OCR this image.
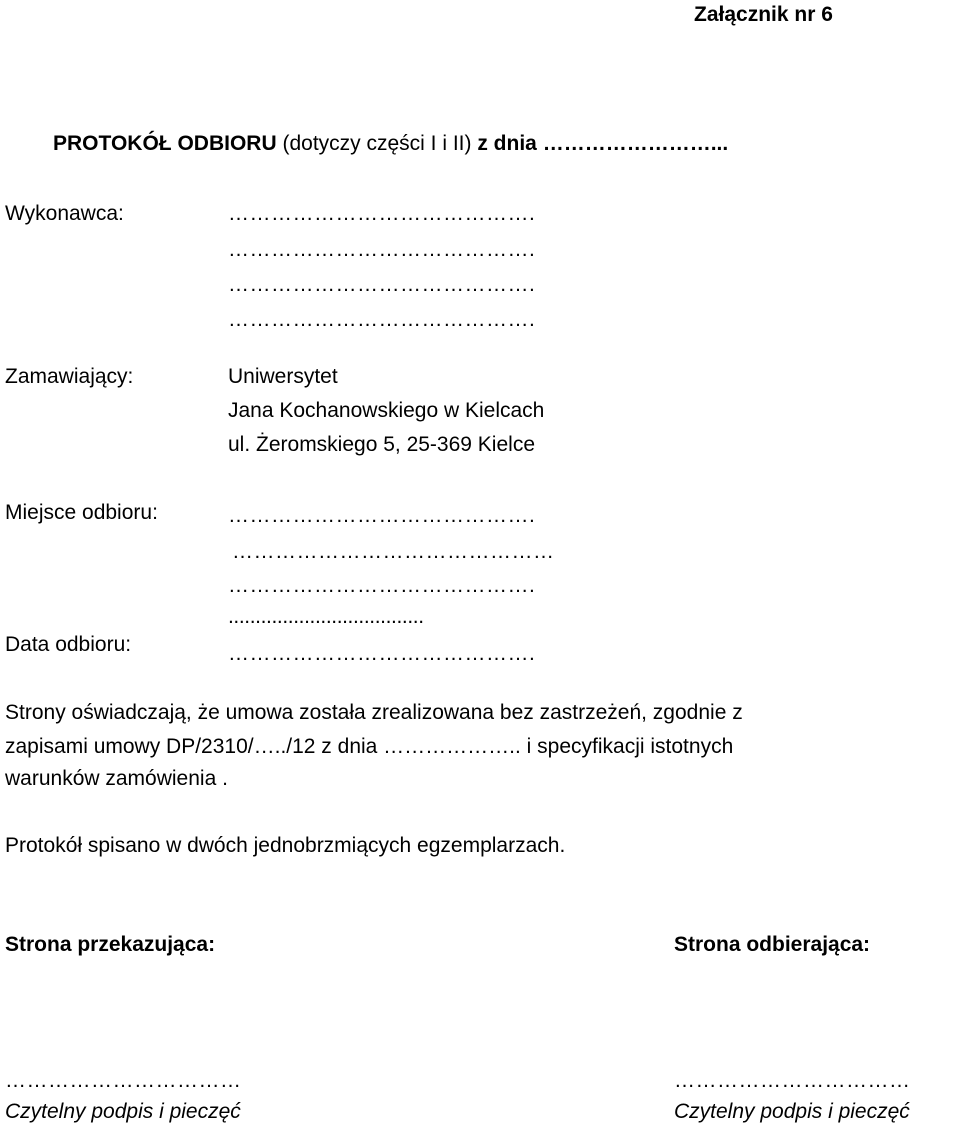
Załącznik nr 6
PROTOKÓŁ ODBIORU (dotyczy części I i II) z dnia ……………………...
Wykonawca:	…………………………………….
…………………………………….
…………………………………….
…………………………………….
Zamawiający:	Uniwersytet
Jana Kochanowskiego w Kielcach
ul. Żeromskiego 5, 25-369 Kielce
Miejsce odbioru:	…………………………………….
………………………………………
…………………………………….
....................................
Data odbioru:	…………………………………….
Strony oświadczają, że umowa została zrealizowana bez zastrzeżeń, zgodnie z
zapisami umowy DP/2310/…../12 z dnia ……………….. i specyfikacji istotnych
warunków zamówienia .
Protokół spisano w dwóch jednobrzmiących egzemplarzach.
Strona przekazująca:	Strona odbierająca:
……………………………	……………………………
Czytelny podpis i pieczęć	Czytelny podpis i pieczęć
